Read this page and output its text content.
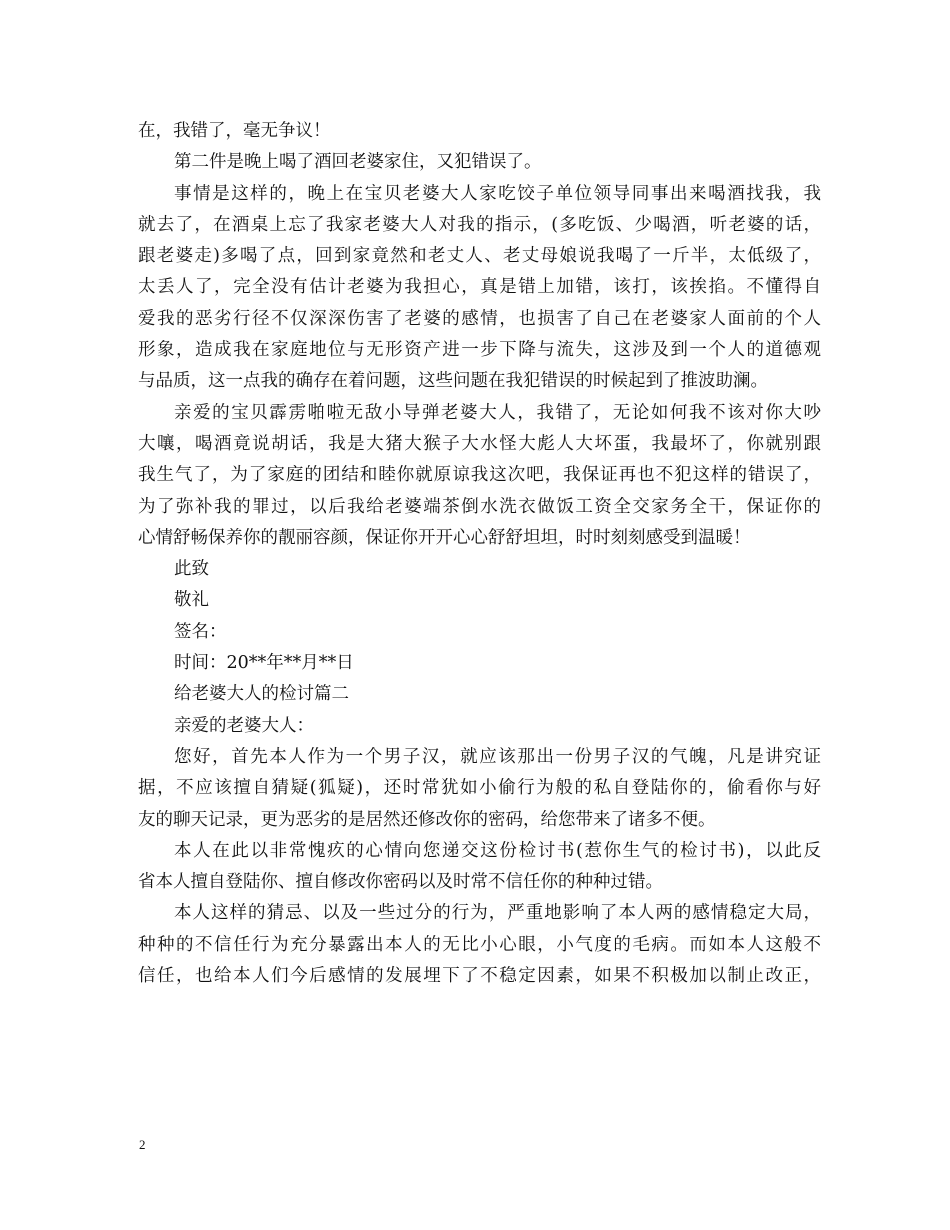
在，我错了，毫无争议！
第二件是晚上喝了酒回老婆家住，又犯错误了。
事情是这样的，晚上在宝贝老婆大人家吃饺子单位领导同事出来喝酒找我，我
就去了，在酒桌上忘了我家老婆大人对我的指示，(多吃饭、少喝酒，听老婆的话，
跟老婆走)多喝了点，回到家竟然和老丈人、老丈母娘说我喝了一斤半，太低级了，
太丢人了，完全没有估计老婆为我担心，真是错上加错，该打，该挨掐。不懂得自
爱我的恶劣行径不仅深深伤害了老婆的感情，也损害了自己在老婆家人面前的个人
形象，造成我在家庭地位与无形资产进一步下降与流失，这涉及到一个人的道德观
与品质，这一点我的确存在着问题，这些问题在我犯错误的时候起到了推波助澜。
亲爱的宝贝霹雳啪啦无敌小导弹老婆大人，我错了，无论如何我不该对你大吵
大嚷，喝酒竟说胡话，我是大猪大猴子大水怪大彪人大坏蛋，我最坏了，你就别跟
我生气了，为了家庭的团结和睦你就原谅我这次吧，我保证再也不犯这样的错误了，
为了弥补我的罪过，以后我给老婆端茶倒水洗衣做饭工资全交家务全干，保证你的
心情舒畅保养你的靓丽容颜，保证你开开心心舒舒坦坦，时时刻刻感受到温暖！
此致
敬礼
签名：
时间：20**年**月**日
给老婆大人的检讨篇二
亲爱的老婆大人：
您好，首先本人作为一个男子汉，就应该那出一份男子汉的气魄，凡是讲究证
据，不应该擅自猜疑(狐疑)，还时常犹如小偷行为般的私自登陆你的，偷看你与好
友的聊天记录，更为恶劣的是居然还修改你的密码，给您带来了诸多不便。
本人在此以非常愧疚的心情向您递交这份检讨书(惹你生气的检讨书)，以此反
省本人擅自登陆你、擅自修改你密码以及时常不信任你的种种过错。
本人这样的猜忌、以及一些过分的行为，严重地影响了本人两的感情稳定大局，
种种的不信任行为充分暴露出本人的无比小心眼，小气度的毛病。而如本人这般不
信任，也给本人们今后感情的发展埋下了不稳定因素，如果不积极加以制止改正，
2
